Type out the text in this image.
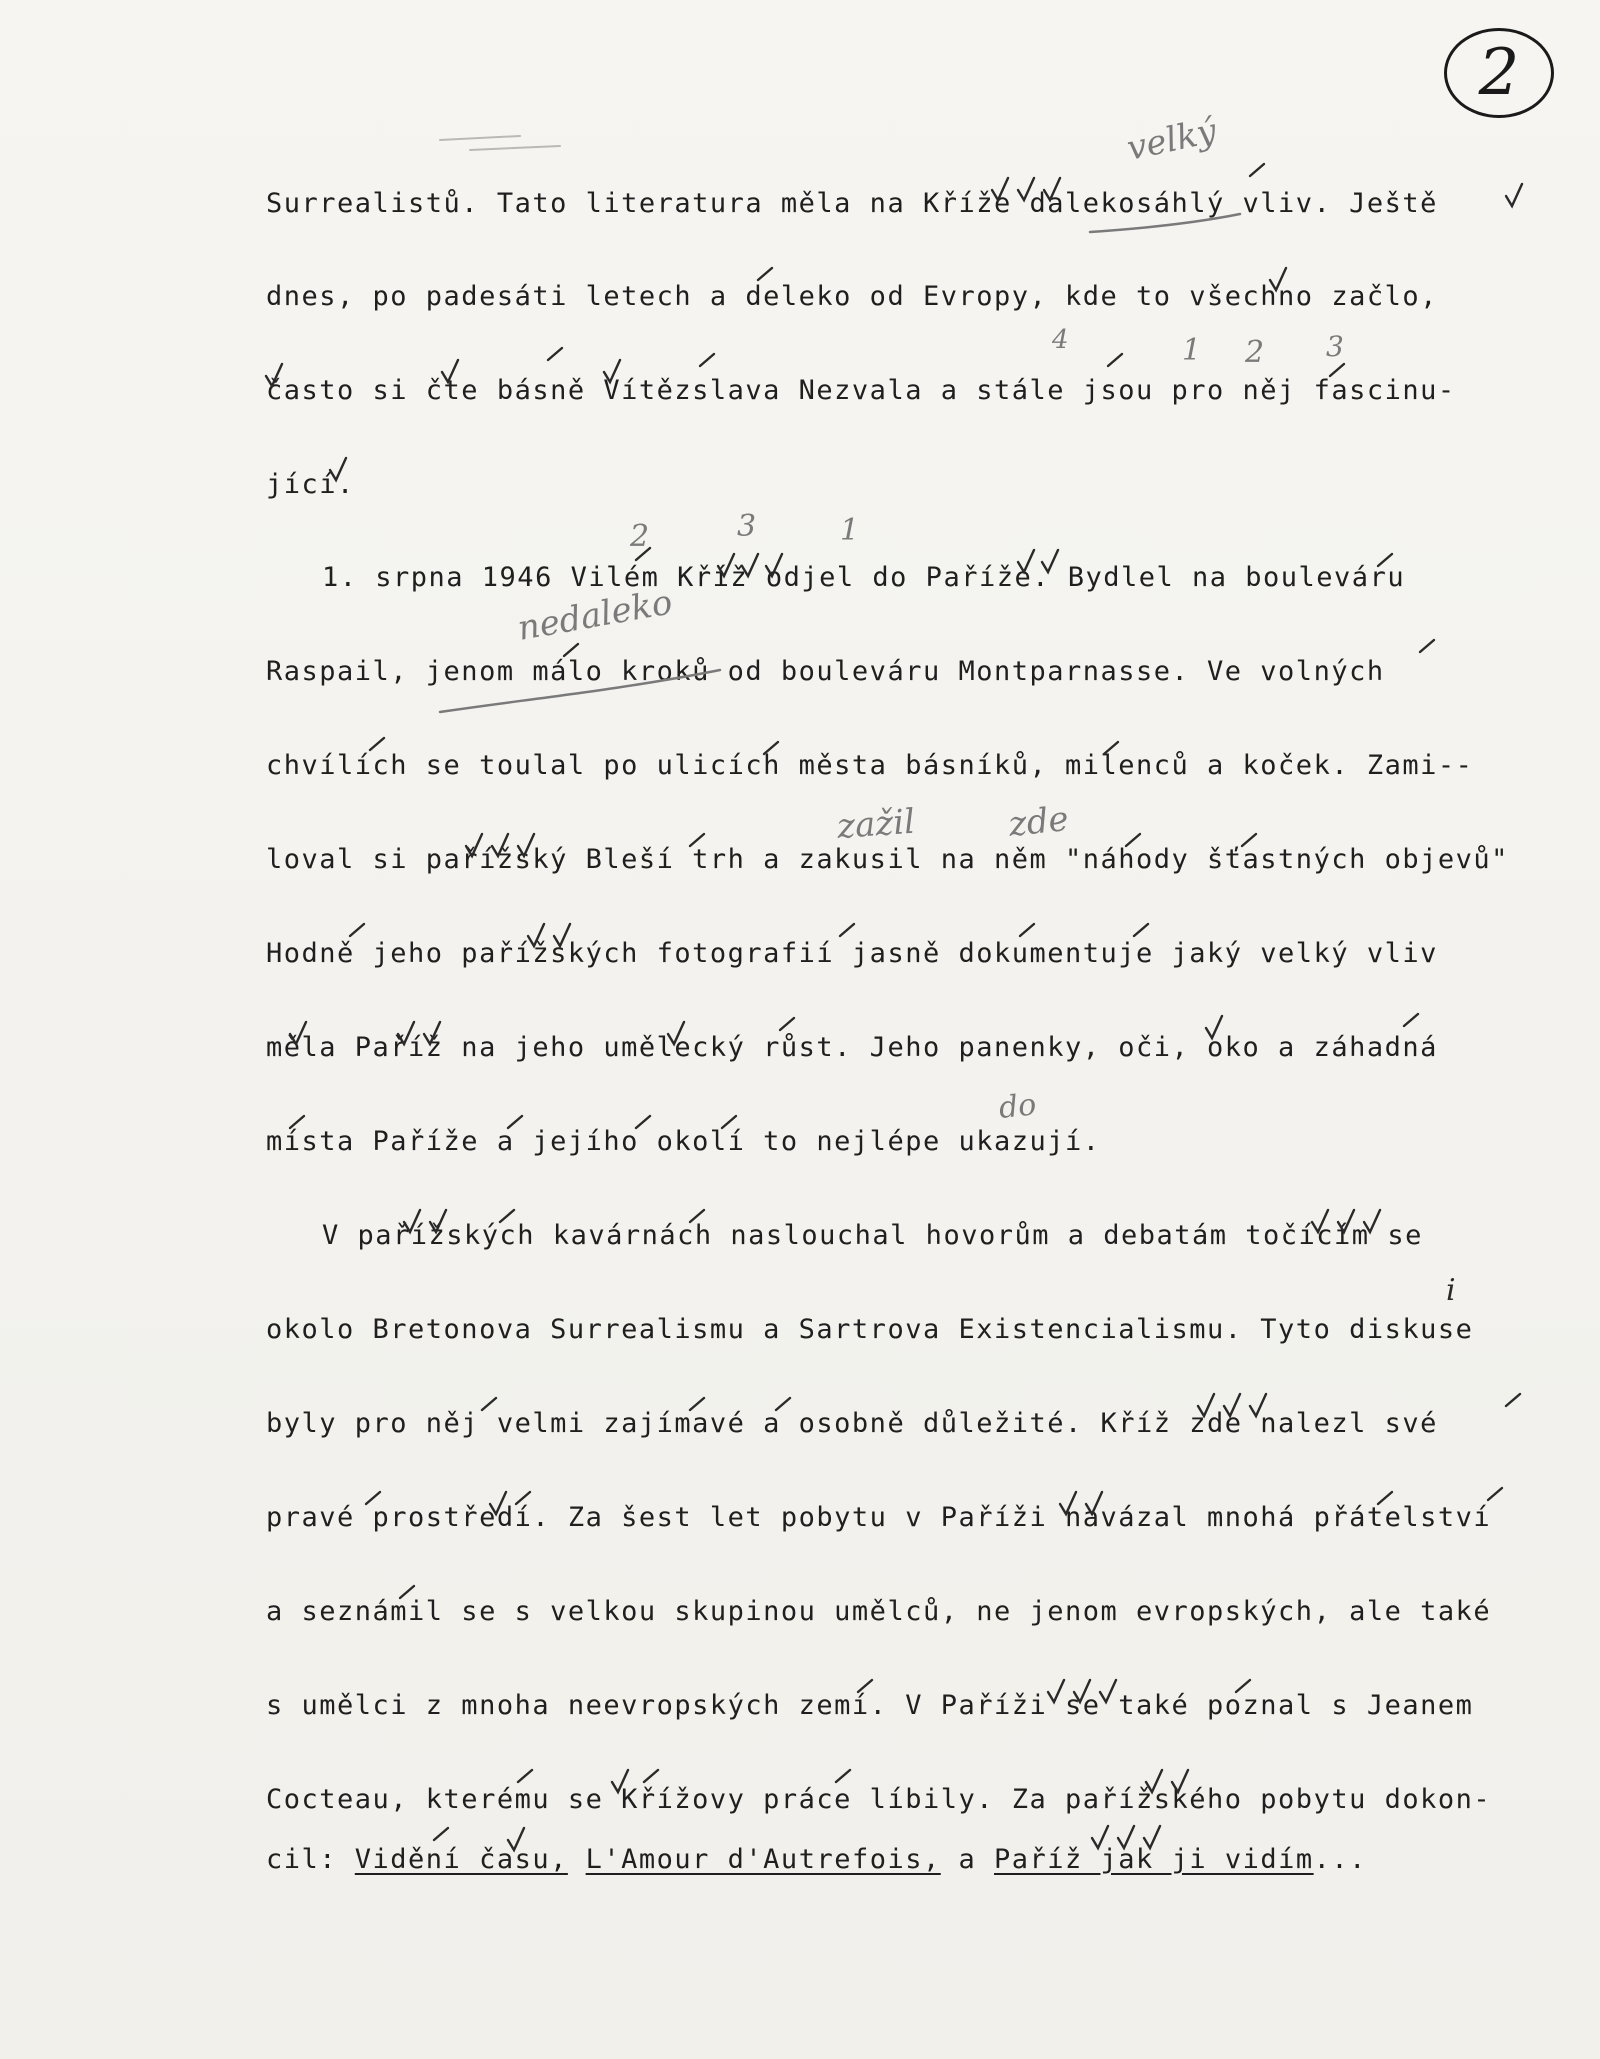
2
Surrealistů. Tato literatura měla na Kříže dalekosáhlý vliv. Ještě
dnes, po padesáti letech a deleko od Evropy, kde to všechno začlo,
často si čte básně Vítězslava Nezvala a stále jsou pro něj fascinu-
jící.
1. srpna 1946 Vilém Kříž odjel do Paříže. Bydlel na bouleváru
Raspail, jenom málo kroků od bouleváru Montparnasse. Ve volných
chvílích se toulal po ulicích města básníků, milenců a koček. Zami--
loval si pařížský Bleší trh a zakusil na něm "náhody šťastných objevů"
Hodně jeho pařížských fotografií jasně dokumentuje jaký velký vliv
měla Paříž na jeho umělecký růst. Jeho panenky, oči, oko a záhadná
místa Paříže a jejího okolí to nejlépe ukazují.
V pařížských kavárnách naslouchal hovorům a debatám točícím se
okolo Bretonova Surrealismu a Sartrova Existencialismu. Tyto diskuse
byly pro něj velmi zajímavé a osobně důležité. Kříž zde nalezl své
pravé prostředí. Za šest let pobytu v Paříži navázal mnohá přátelství
a seznámil se s velkou skupinou umělců, ne jenom evropských, ale také
s umělci z mnoha neevropských zemí. V Paříži se také poznal s Jeanem
Cocteau, kterému se Křížovy práce líbily. Za pařížského pobytu dokon-
cil: Vidění času, L'Amour d'Autrefois, a Paříž jak ji vidím...
velký
nedaleko
zažil	zde
do
i
2	3	1
4	1 2 3
